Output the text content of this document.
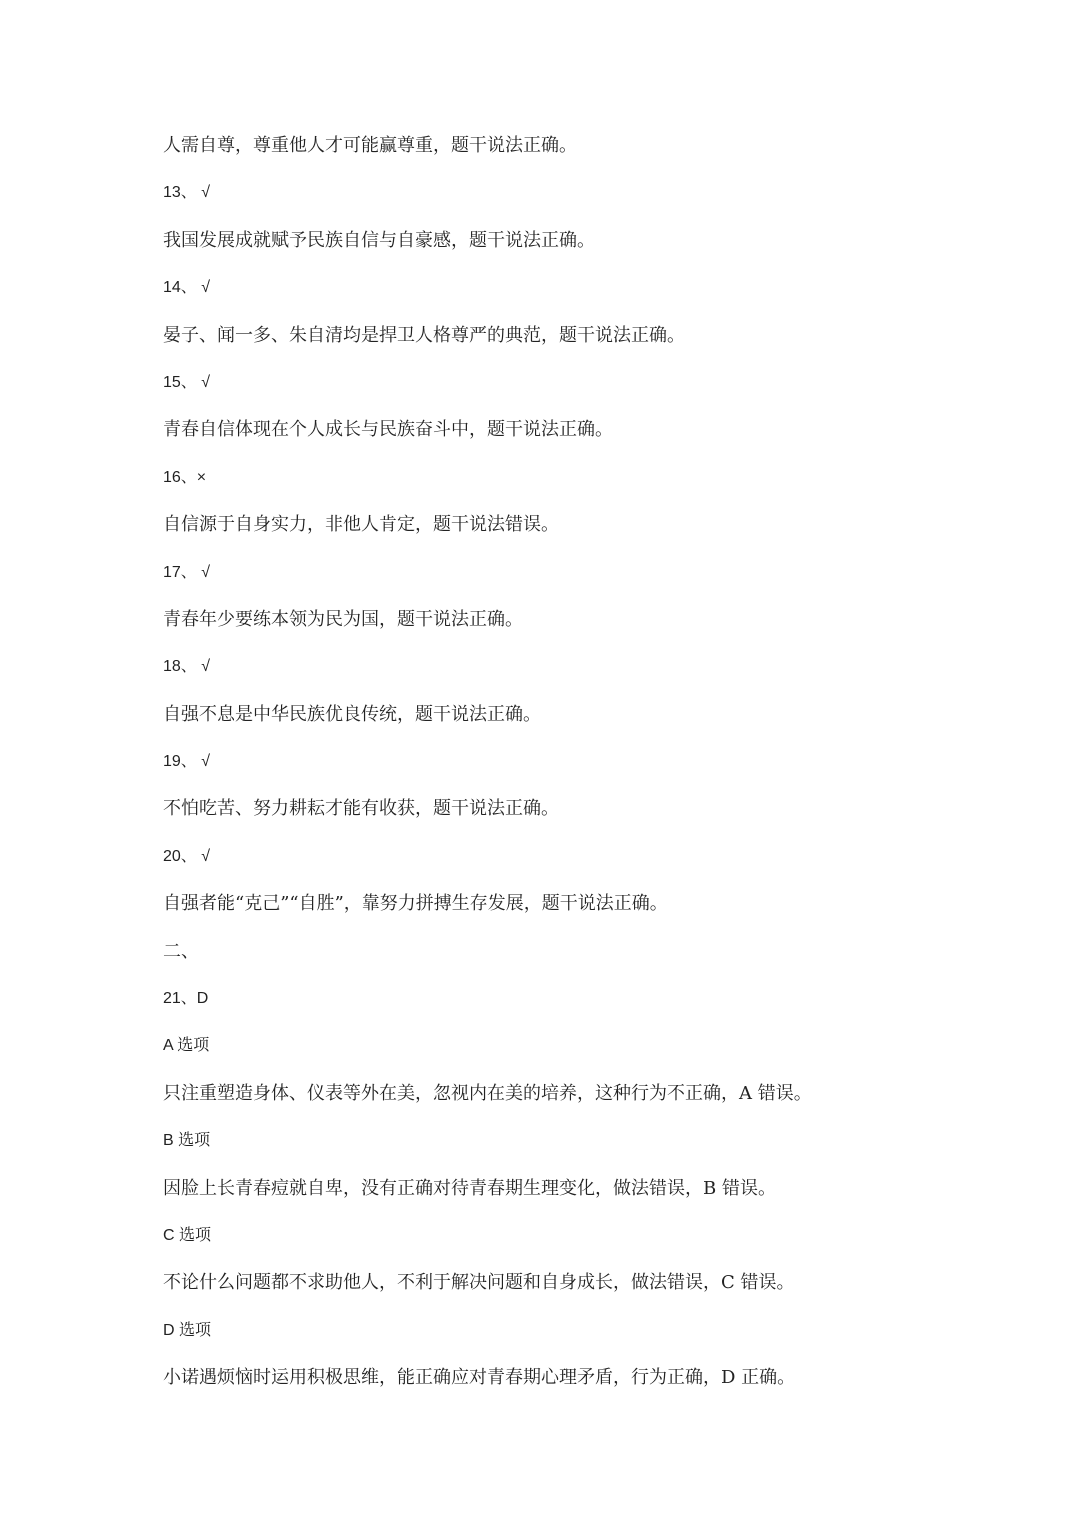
人需自尊，尊重他人才可能赢尊重，题干说法正确。
13、 √
我国发展成就赋予民族自信与自豪感，题干说法正确。
14、 √
晏子、闻一多、朱自清均是捍卫人格尊严的典范，题干说法正确。
15、 √
青春自信体现在个人成长与民族奋斗中，题干说法正确。
16、×
自信源于自身实力，非他人肯定，题干说法错误。
17、 √
青春年少要练本领为民为国，题干说法正确。
18、 √
自强不息是中华民族优良传统，题干说法正确。
19、 √
不怕吃苦、努力耕耘才能有收获，题干说法正确。
20、 √
自强者能“克己”“自胜”，靠努力拼搏生存发展，题干说法正确。
二、
21、D
A 选项
只注重塑造身体、仪表等外在美，忽视内在美的培养，这种行为不正确，A 错误。
B 选项
因脸上长青春痘就自卑，没有正确对待青春期生理变化，做法错误，B 错误。
C 选项
不论什么问题都不求助他人，不利于解决问题和自身成长，做法错误，C 错误。
D 选项
小诺遇烦恼时运用积极思维，能正确应对青春期心理矛盾，行为正确，D 正确。
